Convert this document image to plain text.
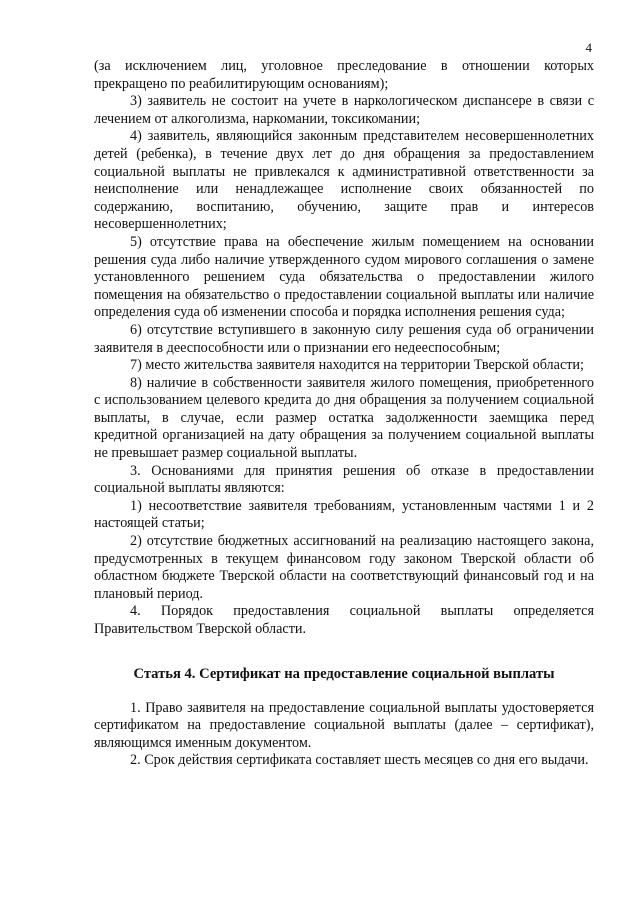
4

(за исключением лиц, уголовное преследование в отношении которых прекращено по реабилитирующим основаниям);

3) заявитель не состоит на учете в наркологическом диспансере в связи с лечением от алкоголизма, наркомании, токсикомании;

4) заявитель, являющийся законным представителем несовершеннолетних детей (ребенка), в течение двух лет до дня обращения за предоставлением социальной выплаты не привлекался к административной ответственности за неисполнение или ненадлежащее исполнение своих обязанностей по содержанию, воспитанию, обучению, защите прав и интересов несовершеннолетних;

5) отсутствие права на обеспечение жилым помещением на основании решения суда либо наличие утвержденного судом мирового соглашения о замене установленного решением суда обязательства о предоставлении жилого помещения на обязательство о предоставлении социальной выплаты или наличие определения суда об изменении способа и порядка исполнения решения суда;

6) отсутствие вступившего в законную силу решения суда об ограничении заявителя в дееспособности или о признании его недееспособным;

7) место жительства заявителя находится на территории Тверской области;

8) наличие в собственности заявителя жилого помещения, приобретенного с использованием целевого кредита до дня обращения за получением социальной выплаты, в случае, если размер остатка задолженности заемщика перед кредитной организацией на дату обращения за получением социальной выплаты не превышает размер социальной выплаты.

3. Основаниями для принятия решения об отказе в предоставлении социальной выплаты являются:

1) несоответствие заявителя требованиям, установленным частями 1 и 2 настоящей статьи;

2) отсутствие бюджетных ассигнований на реализацию настоящего закона, предусмотренных в текущем финансовом году законом Тверской области об областном бюджете Тверской области на соответствующий финансовый год и на плановый период.

4. Порядок предоставления социальной выплаты определяется Правительством Тверской области.

Статья 4. Сертификат на предоставление социальной выплаты

1. Право заявителя на предоставление социальной выплаты удостоверяется сертификатом на предоставление социальной выплаты (далее – сертификат), являющимся именным документом.

2. Срок действия сертификата составляет шесть месяцев со дня его выдачи.
